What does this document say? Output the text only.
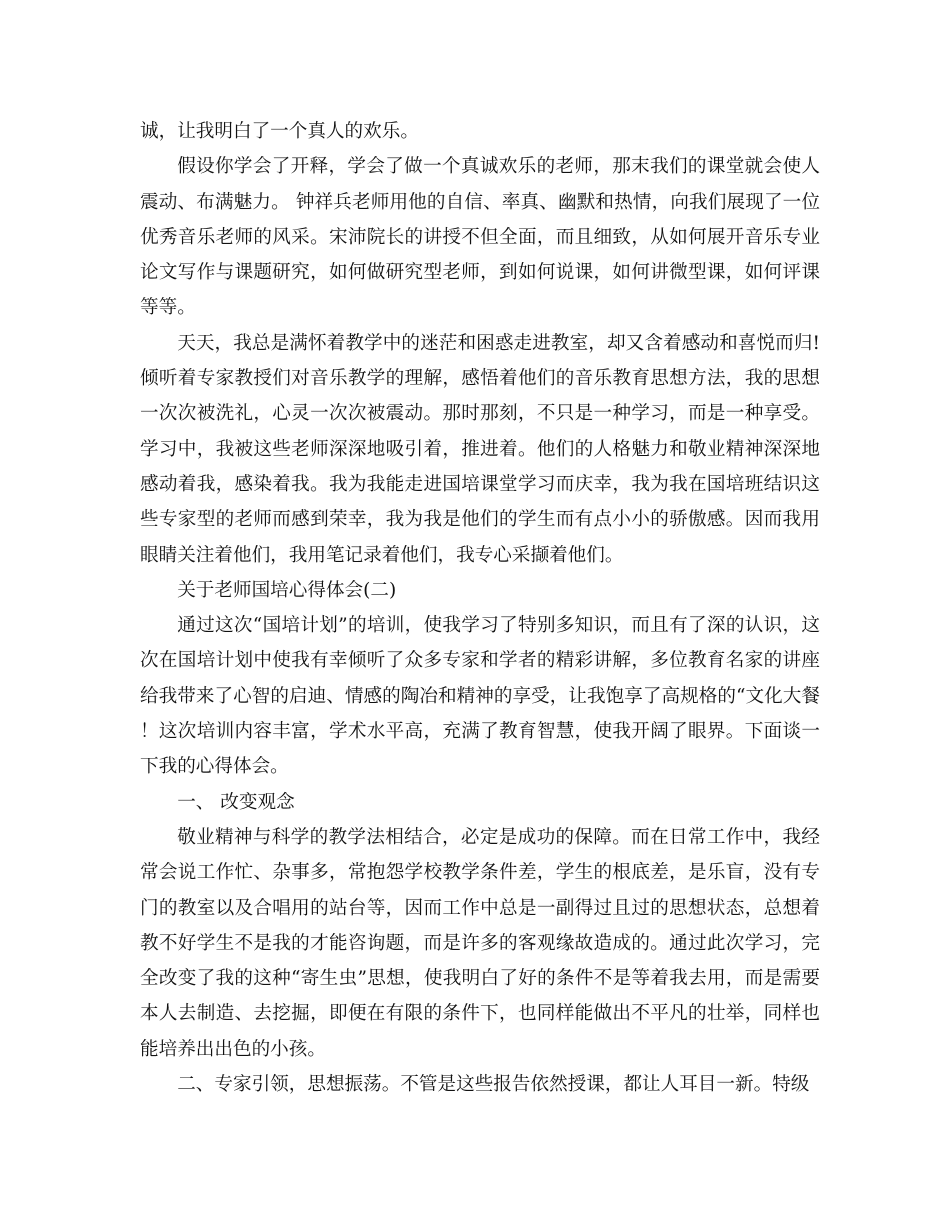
诚，让我明白了一个真人的欢乐。

假设你学会了开释，学会了做一个真诚欢乐的老师，那末我们的课堂就会使人震动、布满魅力。 钟祥兵老师用他的自信、率真、幽默和热情，向我们展现了一位优秀音乐老师的风采。宋沛院长的讲授不但全面，而且细致，从如何展开音乐专业论文写作与课题研究，如何做研究型老师，到如何说课，如何讲微型课，如何评课等等。

天天，我总是满怀着教学中的迷茫和困惑走进教室，却又含着感动和喜悦而归!倾听着专家教授们对音乐教学的理解，感悟着他们的音乐教育思想方法，我的思想一次次被洗礼，心灵一次次被震动。那时那刻，不只是一种学习，而是一种享受。学习中，我被这些老师深深地吸引着，推进着。他们的人格魅力和敬业精神深深地感动着我，感染着我。我为我能走进国培课堂学习而庆幸，我为我在国培班结识这些专家型的老师而感到荣幸，我为我是他们的学生而有点小小的骄傲感。因而我用眼睛关注着他们，我用笔记录着他们，我专心采撷着他们。

关于老师国培心得体会(二)

通过这次“国培计划”的培训，使我学习了特别多知识，而且有了深的认识，这次在国培计划中使我有幸倾听了众多专家和学者的精彩讲解，多位教育名家的讲座给我带来了心智的启迪、情感的陶冶和精神的享受，让我饱享了高规格的“文化大餐 ！这次培训内容丰富，学术水平高，充满了教育智慧，使我开阔了眼界。下面谈一下我的心得体会。

一、 改变观念

敬业精神与科学的教学法相结合，必定是成功的保障。而在日常工作中，我经常会说工作忙、杂事多，常抱怨学校教学条件差，学生的根底差，是乐盲，没有专门的教室以及合唱用的站台等，因而工作中总是一副得过且过的思想状态，总想着教不好学生不是我的才能咨询题，而是许多的客观缘故造成的。通过此次学习，完全改变了我的这种“寄生虫”思想，使我明白了好的条件不是等着我去用，而是需要本人去制造、去挖掘，即便在有限的条件下，也同样能做出不平凡的壮举，同样也能培养出出色的小孩。

二、专家引领，思想振荡。不管是这些报告依然授课，都让人耳目一新。特级
